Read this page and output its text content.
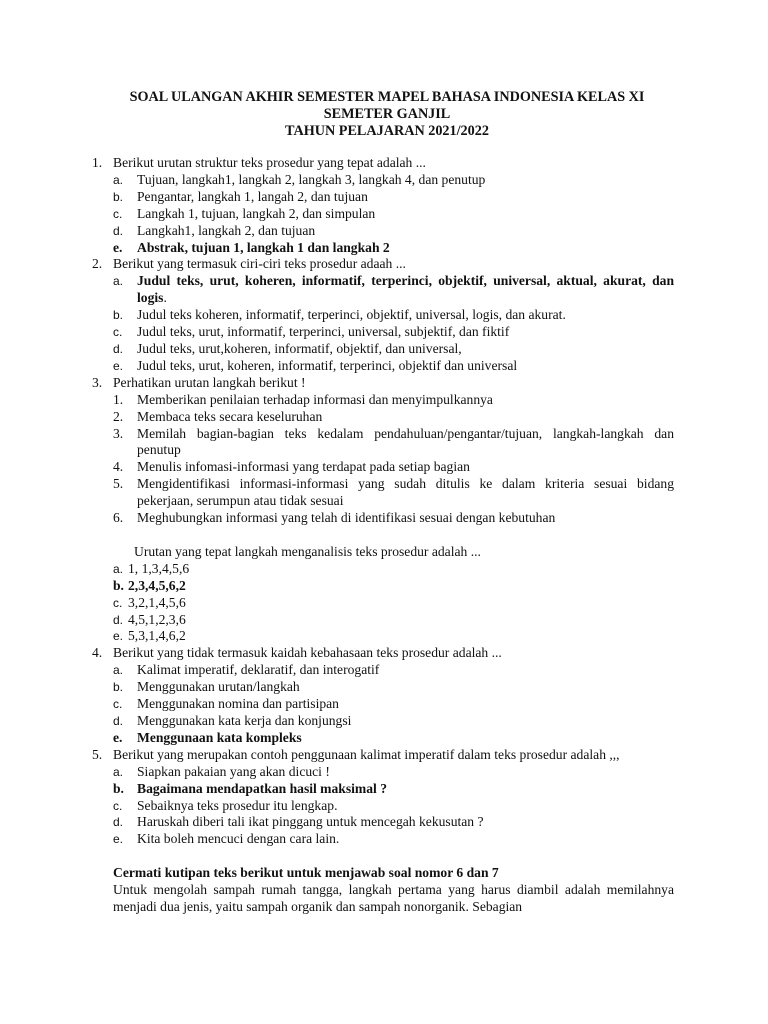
SOAL ULANGAN AKHIR SEMESTER MAPEL BAHASA INDONESIA KELAS XI
SEMETER GANJIL
TAHUN PELAJARAN 2021/2022
1. Berikut urutan struktur teks prosedur yang tepat adalah ...
a.	Tujuan, langkah1, langkah 2, langkah 3, langkah 4, dan penutup
b.	Pengantar, langkah 1, langah 2, dan tujuan
c.	Langkah 1, tujuan, langkah 2, dan simpulan
d.	Langkah1, langkah 2, dan tujuan
e.	Abstrak, tujuan 1, langkah 1 dan langkah 2
2. Berikut yang termasuk ciri-ciri teks prosedur adaah ...
a.	Judul teks, urut, koheren, informatif, terperinci, objektif, universal, aktual, akurat, dan logis.
b.	Judul teks koheren, informatif, terperinci, objektif, universal, logis, dan akurat.
c.	Judul teks, urut, informatif, terperinci, universal, subjektif, dan fiktif
d.	Judul teks, urut,koheren, informatif, objektif, dan universal,
e.	Judul teks, urut, koheren, informatif, terperinci, objektif dan universal
3. Perhatikan urutan langkah berikut !
1.	Memberikan penilaian terhadap informasi dan menyimpulkannya
2.	Membaca teks secara keseluruhan
3.	Memilah bagian-bagian teks kedalam pendahuluan/pengantar/tujuan, langkah-langkah dan penutup
4.	Menulis infomasi-informasi yang terdapat pada setiap bagian
5.	Mengidentifikasi informasi-informasi yang sudah ditulis ke dalam kriteria sesuai bidang pekerjaan, serumpun atau tidak sesuai
6.	Meghubungkan informasi yang telah di identifikasi sesuai dengan kebutuhan
Urutan yang tepat langkah menganalisis teks prosedur adalah ...
a. 1, 1,3,4,5,6
b. 2,3,4,5,6,2
c. 3,2,1,4,5,6
d. 4,5,1,2,3,6
e. 5,3,1,4,6,2
4. Berikut yang tidak termasuk kaidah kebahasaan teks prosedur adalah ...
a.	Kalimat imperatif, deklaratif, dan interogatif
b.	Menggunakan urutan/langkah
c.	Menggunakan nomina dan partisipan
d.	Menggunakan kata kerja dan konjungsi
e.	Menggunaan kata kompleks
5. Berikut yang merupakan contoh penggunaan kalimat imperatif dalam teks prosedur adalah ,,,
a.	Siapkan pakaian yang akan dicuci !
b. Bagaimana mendapatkan hasil maksimal ?
c.	Sebaiknya teks prosedur itu lengkap.
d.	Haruskah diberi tali ikat pinggang untuk mencegah kekusutan ?
e.	Kita boleh mencuci dengan cara lain.
Cermati kutipan teks berikut untuk menjawab soal nomor 6 dan 7
Untuk mengolah sampah rumah tangga, langkah pertama yang harus diambil adalah memilahnya menjadi dua jenis, yaitu sampah organik dan sampah nonorganik. Sebagian
